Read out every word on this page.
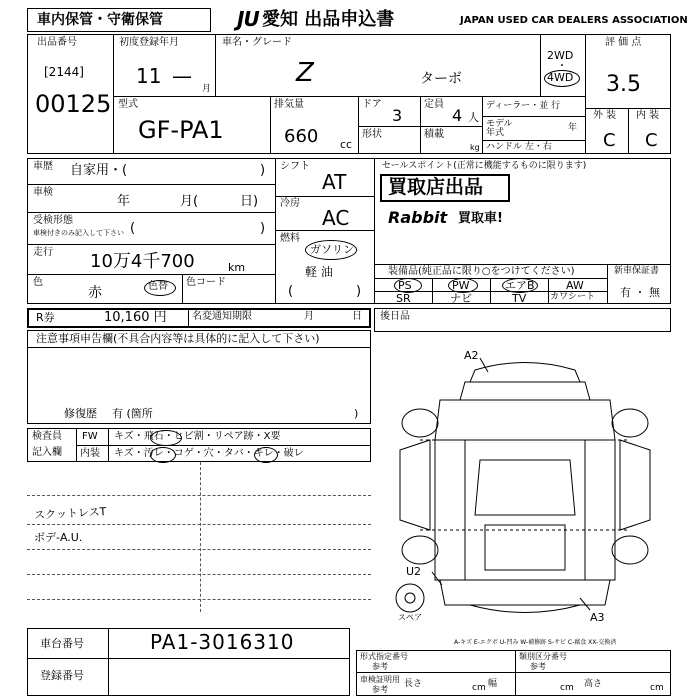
車内保管・守衛保管	JU 愛知 出品申込書	JAPAN USED CAR DEALERS ASSOCIATION
出品番号
[2144]
00125
初度登録年月
11 —
月
車名・グレード
Z	ターボ
2WD
・
4WD
評 価 点
3.5
外 装 内 装
C C
型式
GF-PA1
排気量
660 cc
ドア
3
定員
4 人
形状	積載
kg
ディーラー・並 行
モデル 年式	年
ハンドル 左・右
車歴 自家用・(	)
車検
年	月(	日)
受検形態
車検付きのみ記入して下さい (	)
走行 10万4千700	km
色
赤	色替 色コード
シフト
AT
冷房
AC
燃料
ガソリン
軽 油
(	)
セールスポイント(正常に機能するものに限ります)
買取店出品
Rabbit 買取車!
装備品(純正品に限り○をつけてください)
PS	PW	エアB	AW
SR	ナビ	TV	カワシート
新車保証書
有 ・ 無
R券	10,160 円	名変通知期限	月	日 後日品
注意事項申告欄(不具合内容等は具体的に記入して下さい)
修復歴 有 (箇所	)
検査員
記入欄
FW キズ・飛石・ヒビ割・リペア跡・X要
内装 キズ・汚レ・コゲ・穴・タバ・キレ・破レ
スクットレスT
ボデ-A.U.
A2
U2
A3
スペア
A-キズ E-エクボ U-凹み W-補修跡 S-サビ C-腐食 XX-交換済
車台番号	PA1-3016310
登録番号
形式指定番号
参考
類別区分番号
参考
車検証明用
参考
長さ	cm 幅	cm 高さ	cm
